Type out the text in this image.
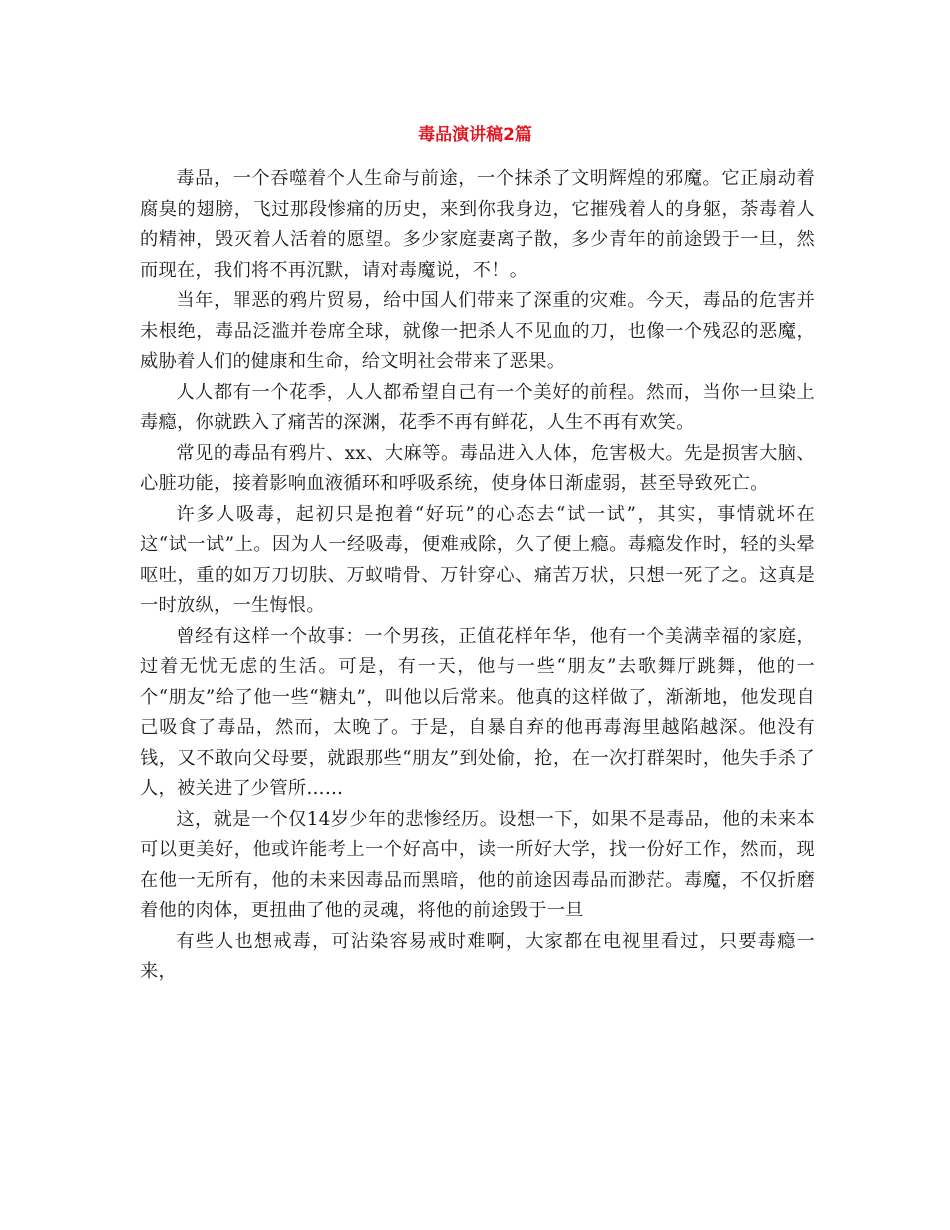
毒品演讲稿2篇

毒品，一个吞噬着个人生命与前途，一个抹杀了文明辉煌的邪魔。它正扇动着腐臭的翅膀，飞过那段惨痛的历史，来到你我身边，它摧残着人的身躯，荼毒着人的精神，毁灭着人活着的愿望。多少家庭妻离子散，多少青年的前途毁于一旦，然而现在，我们将不再沉默，请对毒魔说，不！。

当年，罪恶的鸦片贸易，给中国人们带来了深重的灾难。今天，毒品的危害并未根绝，毒品泛滥并卷席全球，就像一把杀人不见血的刀，也像一个残忍的恶魔，威胁着人们的健康和生命，给文明社会带来了恶果。

人人都有一个花季，人人都希望自己有一个美好的前程。然而，当你一旦染上毒瘾，你就跌入了痛苦的深渊，花季不再有鲜花，人生不再有欢笑。

常见的毒品有鸦片、xx、大麻等。毒品进入人体，危害极大。先是损害大脑、心脏功能，接着影响血液循环和呼吸系统，使身体日渐虚弱，甚至导致死亡。

许多人吸毒，起初只是抱着“好玩”的心态去“试一试”，其实，事情就坏在这“试一试”上。因为人一经吸毒，便难戒除，久了便上瘾。毒瘾发作时，轻的头晕呕吐，重的如万刀切肤、万蚁啃骨、万针穿心、痛苦万状，只想一死了之。这真是一时放纵，一生悔恨。

曾经有这样一个故事：一个男孩，正值花样年华，他有一个美满幸福的家庭，过着无忧无虑的生活。可是，有一天，他与一些“朋友”去歌舞厅跳舞，他的一个“朋友”给了他一些“糖丸”，叫他以后常来。他真的这样做了，渐渐地，他发现自己吸食了毒品，然而，太晚了。于是，自暴自弃的他再毒海里越陷越深。他没有钱，又不敢向父母要，就跟那些“朋友”到处偷，抢，在一次打群架时，他失手杀了人，被关进了少管所……

这，就是一个仅14岁少年的悲惨经历。设想一下，如果不是毒品，他的未来本可以更美好，他或许能考上一个好高中，读一所好大学，找一份好工作，然而，现在他一无所有，他的未来因毒品而黑暗，他的前途因毒品而渺茫。毒魔，不仅折磨着他的肉体，更扭曲了他的灵魂，将他的前途毁于一旦

有些人也想戒毒，可沾染容易戒时难啊，大家都在电视里看过，只要毒瘾一来，
